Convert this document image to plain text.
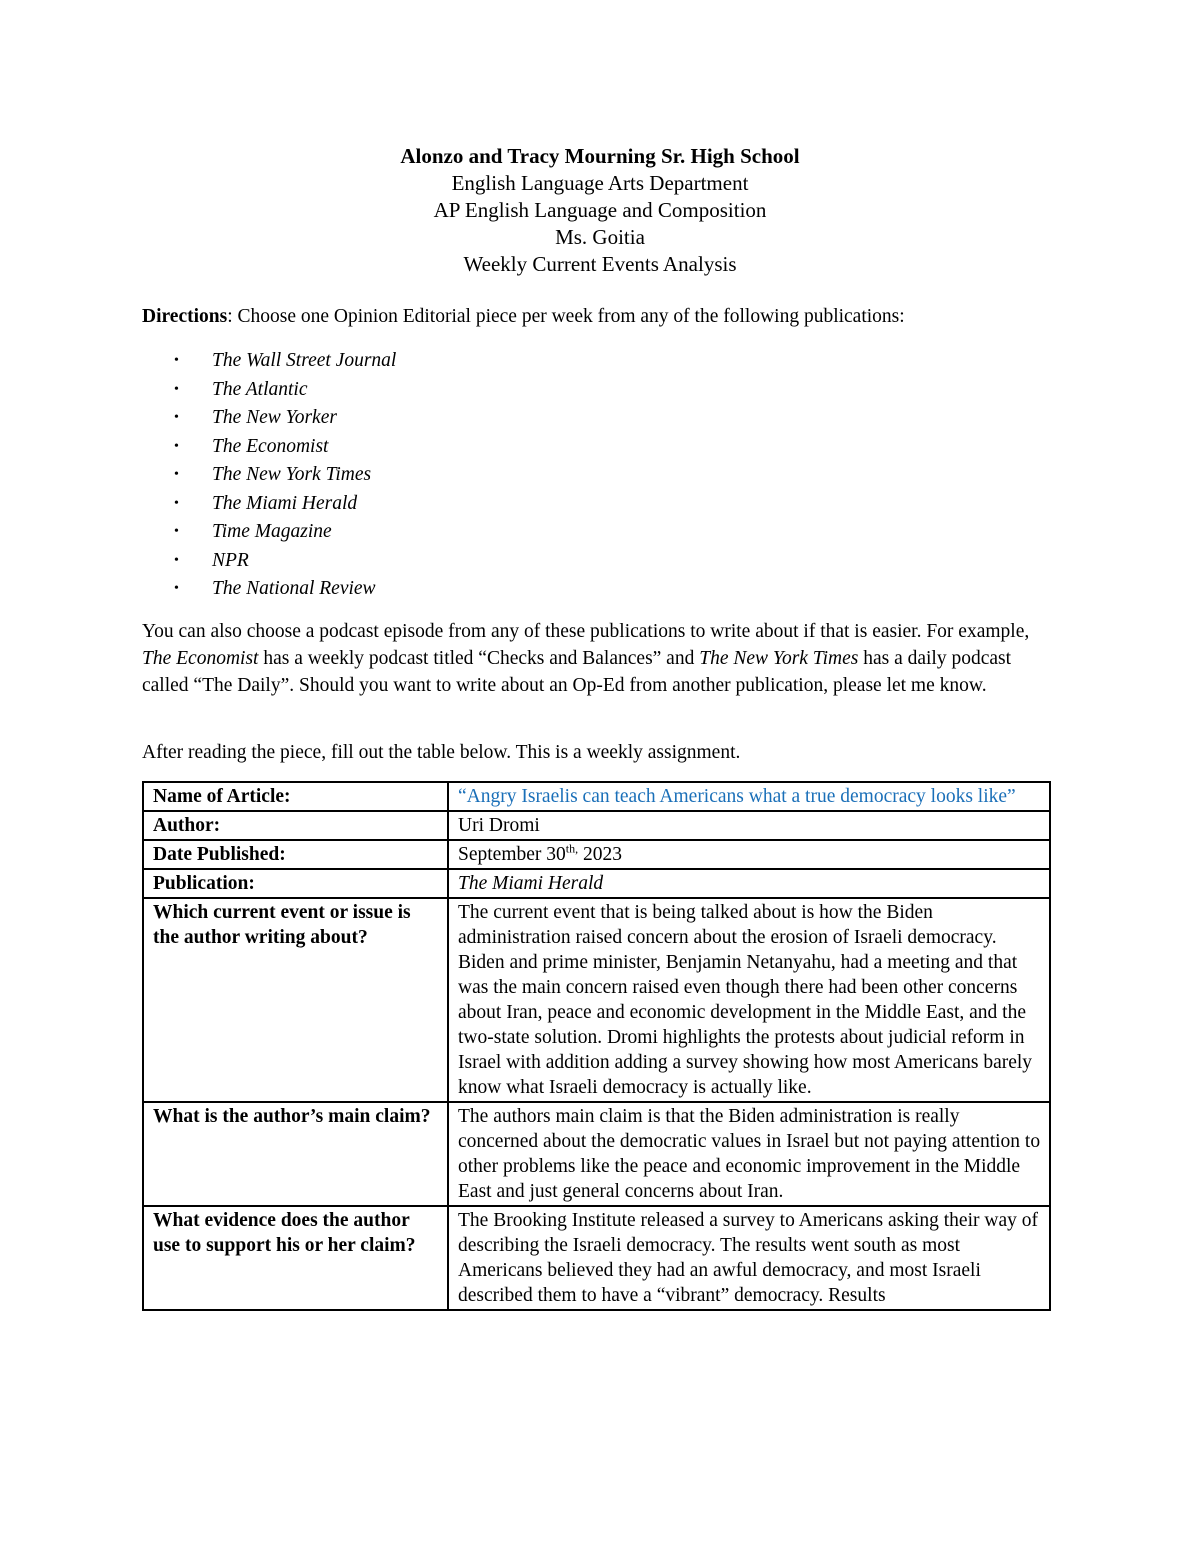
Alonzo and Tracy Mourning Sr. High School
English Language Arts Department
AP English Language and Composition
Ms. Goitia
Weekly Current Events Analysis
Directions: Choose one Opinion Editorial piece per week from any of the following publications:
• The Wall Street Journal
• The Atlantic
• The New Yorker
• The Economist
• The New York Times
• The Miami Herald
• Time Magazine
• NPR
• The National Review
You can also choose a podcast episode from any of these publications to write about if that is easier. For example, The Economist has a weekly podcast titled “Checks and Balances” and The New York Times has a daily podcast called “The Daily”. Should you want to write about an Op-Ed from another publication, please let me know.
After reading the piece, fill out the table below. This is a weekly assignment.
Name of Article:	“Angry Israelis can teach Americans what a true democracy looks like”
Author:	Uri Dromi
Date Published:	September $30^{th,}$ 2023
Publication:	The Miami Herald
Which current event or issue is the author writing about?	The current event that is being talked about is how the Biden administration raised concern about the erosion of Israeli democracy. Biden and prime minister, Benjamin Netanyahu, had a meeting and that was the main concern raised even though there had been other concerns about Iran, peace and economic development in the Middle East, and the two-state solution. Dromi highlights the protests about judicial reform in Israel with addition adding a survey showing how most Americans barely know what Israeli democracy is actually like.
What is the author’s main claim?	The authors main claim is that the Biden administration is really concerned about the democratic values in Israel but not paying attention to other problems like the peace and economic improvement in the Middle East and just general concerns about Iran.
What evidence does the author use to support his or her claim?	The Brooking Institute released a survey to Americans asking their way of describing the Israeli democracy. The results went south as most Americans believed they had an awful democracy, and most Israeli described them to have a “vibrant” democracy. Results
